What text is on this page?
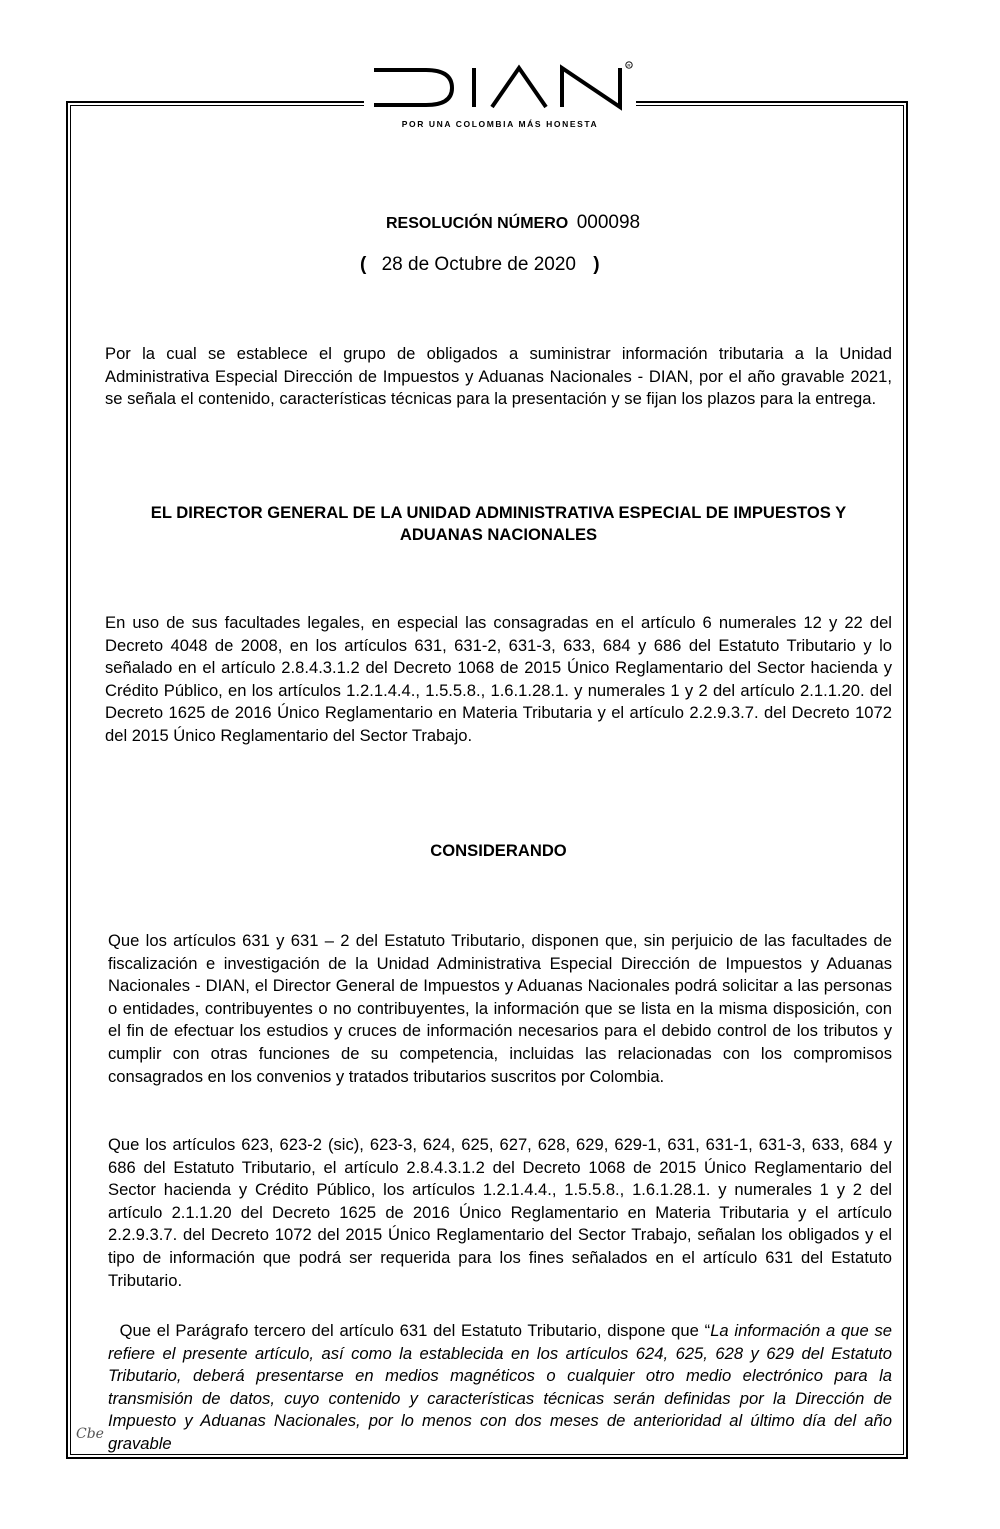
R
POR UNA COLOMBIA MÁS HONESTA
RESOLUCIÓN NÚMERO 000098
( 28 de Octubre de 2020 )
Por la cual se establece el grupo de obligados a suministrar información tributaria a la Unidad Administrativa Especial Dirección de Impuestos y Aduanas Nacionales - DIAN, por el año gravable 2021, se señala el contenido, características técnicas para la presentación y se fijan los plazos para la entrega.
EL DIRECTOR GENERAL DE LA UNIDAD ADMINISTRATIVA ESPECIAL DE IMPUESTOS Y ADUANAS NACIONALES
En uso de sus facultades legales, en especial las consagradas en el artículo 6 numerales 12 y 22 del Decreto 4048 de 2008, en los artículos 631, 631-2, 631-3, 633, 684 y 686 del Estatuto Tributario y lo señalado en el artículo 2.8.4.3.1.2 del Decreto 1068 de 2015 Único Reglamentario del Sector hacienda y Crédito Público, en los artículos 1.2.1.4.4., 1.5.5.8., 1.6.1.28.1. y numerales 1 y 2 del artículo 2.1.1.20. del Decreto 1625 de 2016 Único Reglamentario en Materia Tributaria y el artículo 2.2.9.3.7. del Decreto 1072 del 2015 Único Reglamentario del Sector Trabajo.
CONSIDERANDO
Que los artículos 631 y 631 – 2 del Estatuto Tributario, disponen que, sin perjuicio de las facultades de fiscalización e investigación de la Unidad Administrativa Especial Dirección de Impuestos y Aduanas Nacionales - DIAN, el Director General de Impuestos y Aduanas Nacionales podrá solicitar a las personas o entidades, contribuyentes o no contribuyentes, la información que se lista en la misma disposición, con el fin de efectuar los estudios y cruces de información necesarios para el debido control de los tributos y cumplir con otras funciones de su competencia, incluidas las relacionadas con los compromisos consagrados en los convenios y tratados tributarios suscritos por Colombia.
Que los artículos 623, 623-2 (sic), 623-3, 624, 625, 627, 628, 629, 629-1, 631, 631-1, 631-3, 633, 684 y 686 del Estatuto Tributario, el artículo 2.8.4.3.1.2 del Decreto 1068 de 2015 Único Reglamentario del Sector hacienda y Crédito Público, los artículos 1.2.1.4.4., 1.5.5.8., 1.6.1.28.1. y numerales 1 y 2 del artículo 2.1.1.20 del Decreto 1625 de 2016 Único Reglamentario en Materia Tributaria y el artículo 2.2.9.3.7. del Decreto 1072 del 2015 Único Reglamentario del Sector Trabajo, señalan los obligados y el tipo de información que podrá ser requerida para los fines señalados en el artículo 631 del Estatuto Tributario.
Que el Parágrafo tercero del artículo 631 del Estatuto Tributario, dispone que “La información a que se refiere el presente artículo, así como la establecida en los artículos 624, 625, 628 y 629 del Estatuto Tributario, deberá presentarse en medios magnéticos o cualquier otro medio electrónico para la transmisión de datos, cuyo contenido y características técnicas serán definidas por la Dirección de Impuesto y Aduanas Nacionales, por lo menos con dos meses de anterioridad al último día del año gravable
Cbe
